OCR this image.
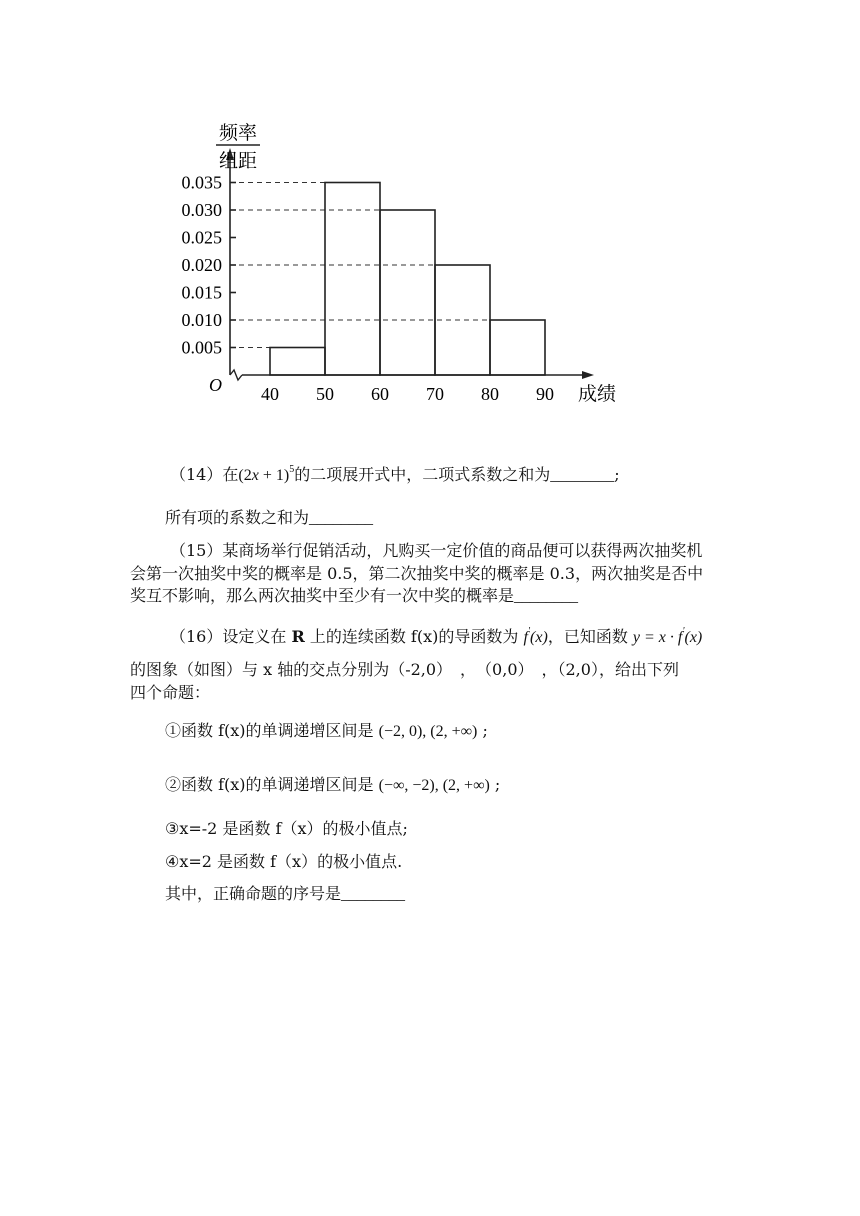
0.005
0.010
0.015
0.020
0.025
0.030
0.035
40 50 60 70 80 90
频率
组距
成绩
O
（14）在$(2x + 1)^5$的二项展开式中，二项式系数之和为________;
所有项的系数之和为________
（15）某商场举行促销活动，凡购买一定价值的商品便可以获得两次抽奖机
会第一次抽奖中奖的概率是 0.5，第二次抽奖中奖的概率是 0.3，两次抽奖是否中
奖互不影响，那么两次抽奖中至少有一次中奖的概率是________
（16）设定义在 R 上的连续函数 f(x)的导函数为 f'(x)，已知函数 y = x · f'(x)
的图象（如图）与 x 轴的交点分别为（-2,0）　，　（0,0）　，（2,0），给出下列
四个命题：
①函数 f(x)的单调递增区间是 (−2, 0), (2, +∞) ;
②函数 f(x)的单调递增区间是 (−∞, −2), (2, +∞) ;
③x=-2 是函数 f（x）的极小值点;
④x=2 是函数 f（x）的极小值点.
其中，正确命题的序号是________
